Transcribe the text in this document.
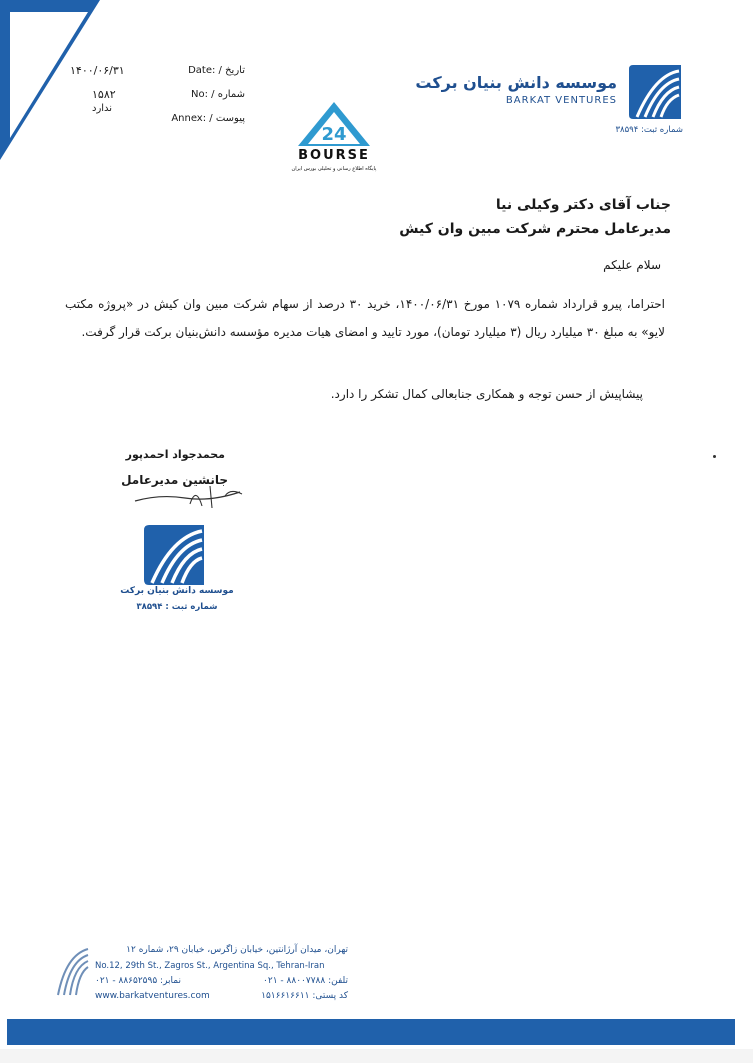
تاریخ / :Date
۱۴۰۰/۰۶/۳۱
شماره / :No
۱۵۸۲
پیوست / :Annex
ندارد
24
BOURSE
پایگاه اطلاع رسانی و تحلیلی بورس ایران
موسسه دانش بنیان برکت
BARKAT VENTURES
شماره ثبت: ۳۸۵۹۴
جناب آقای دکتر وکیلی نیا
مدیرعامل محترم شرکت مبین وان کیش
سلام علیکم
احتراما، پیرو قرارداد شماره ۱۰۷۹ مورخ ۱۴۰۰/۰۶/۳۱، خرید ۳۰ درصد از سهام شرکت مبین وان کیش در «پروژه مکتب لایو» به مبلغ ۳۰ میلیارد ریال (۳ میلیارد تومان)، مورد تایید و امضای هیات مدیره مؤسسه دانش‌بنیان برکت قرار گرفت.
پیشاپیش از حسن توجه و همکاری جنابعالی کمال تشکر را دارد.
محمدجواد احمدپور
جانشین مدیرعامل
موسسه دانش بنیان برکت
شماره ثبت : ۳۸۵۹۴
تهران، میدان آرژانتین، خیابان زاگرس، خیابان ۲۹، شماره ۱۲
No.12, 29th St., Zagros St., Argentina Sq., Tehran-Iran
تلفن: ۸۸۰۰۷۷۸۸ - ۰۲۱
نمابر: ۸۸۶۵۲۵۹۵ - ۰۲۱
کد پستی: ۱۵۱۶۶۱۶۶۱۱
www.barkatventures.com
